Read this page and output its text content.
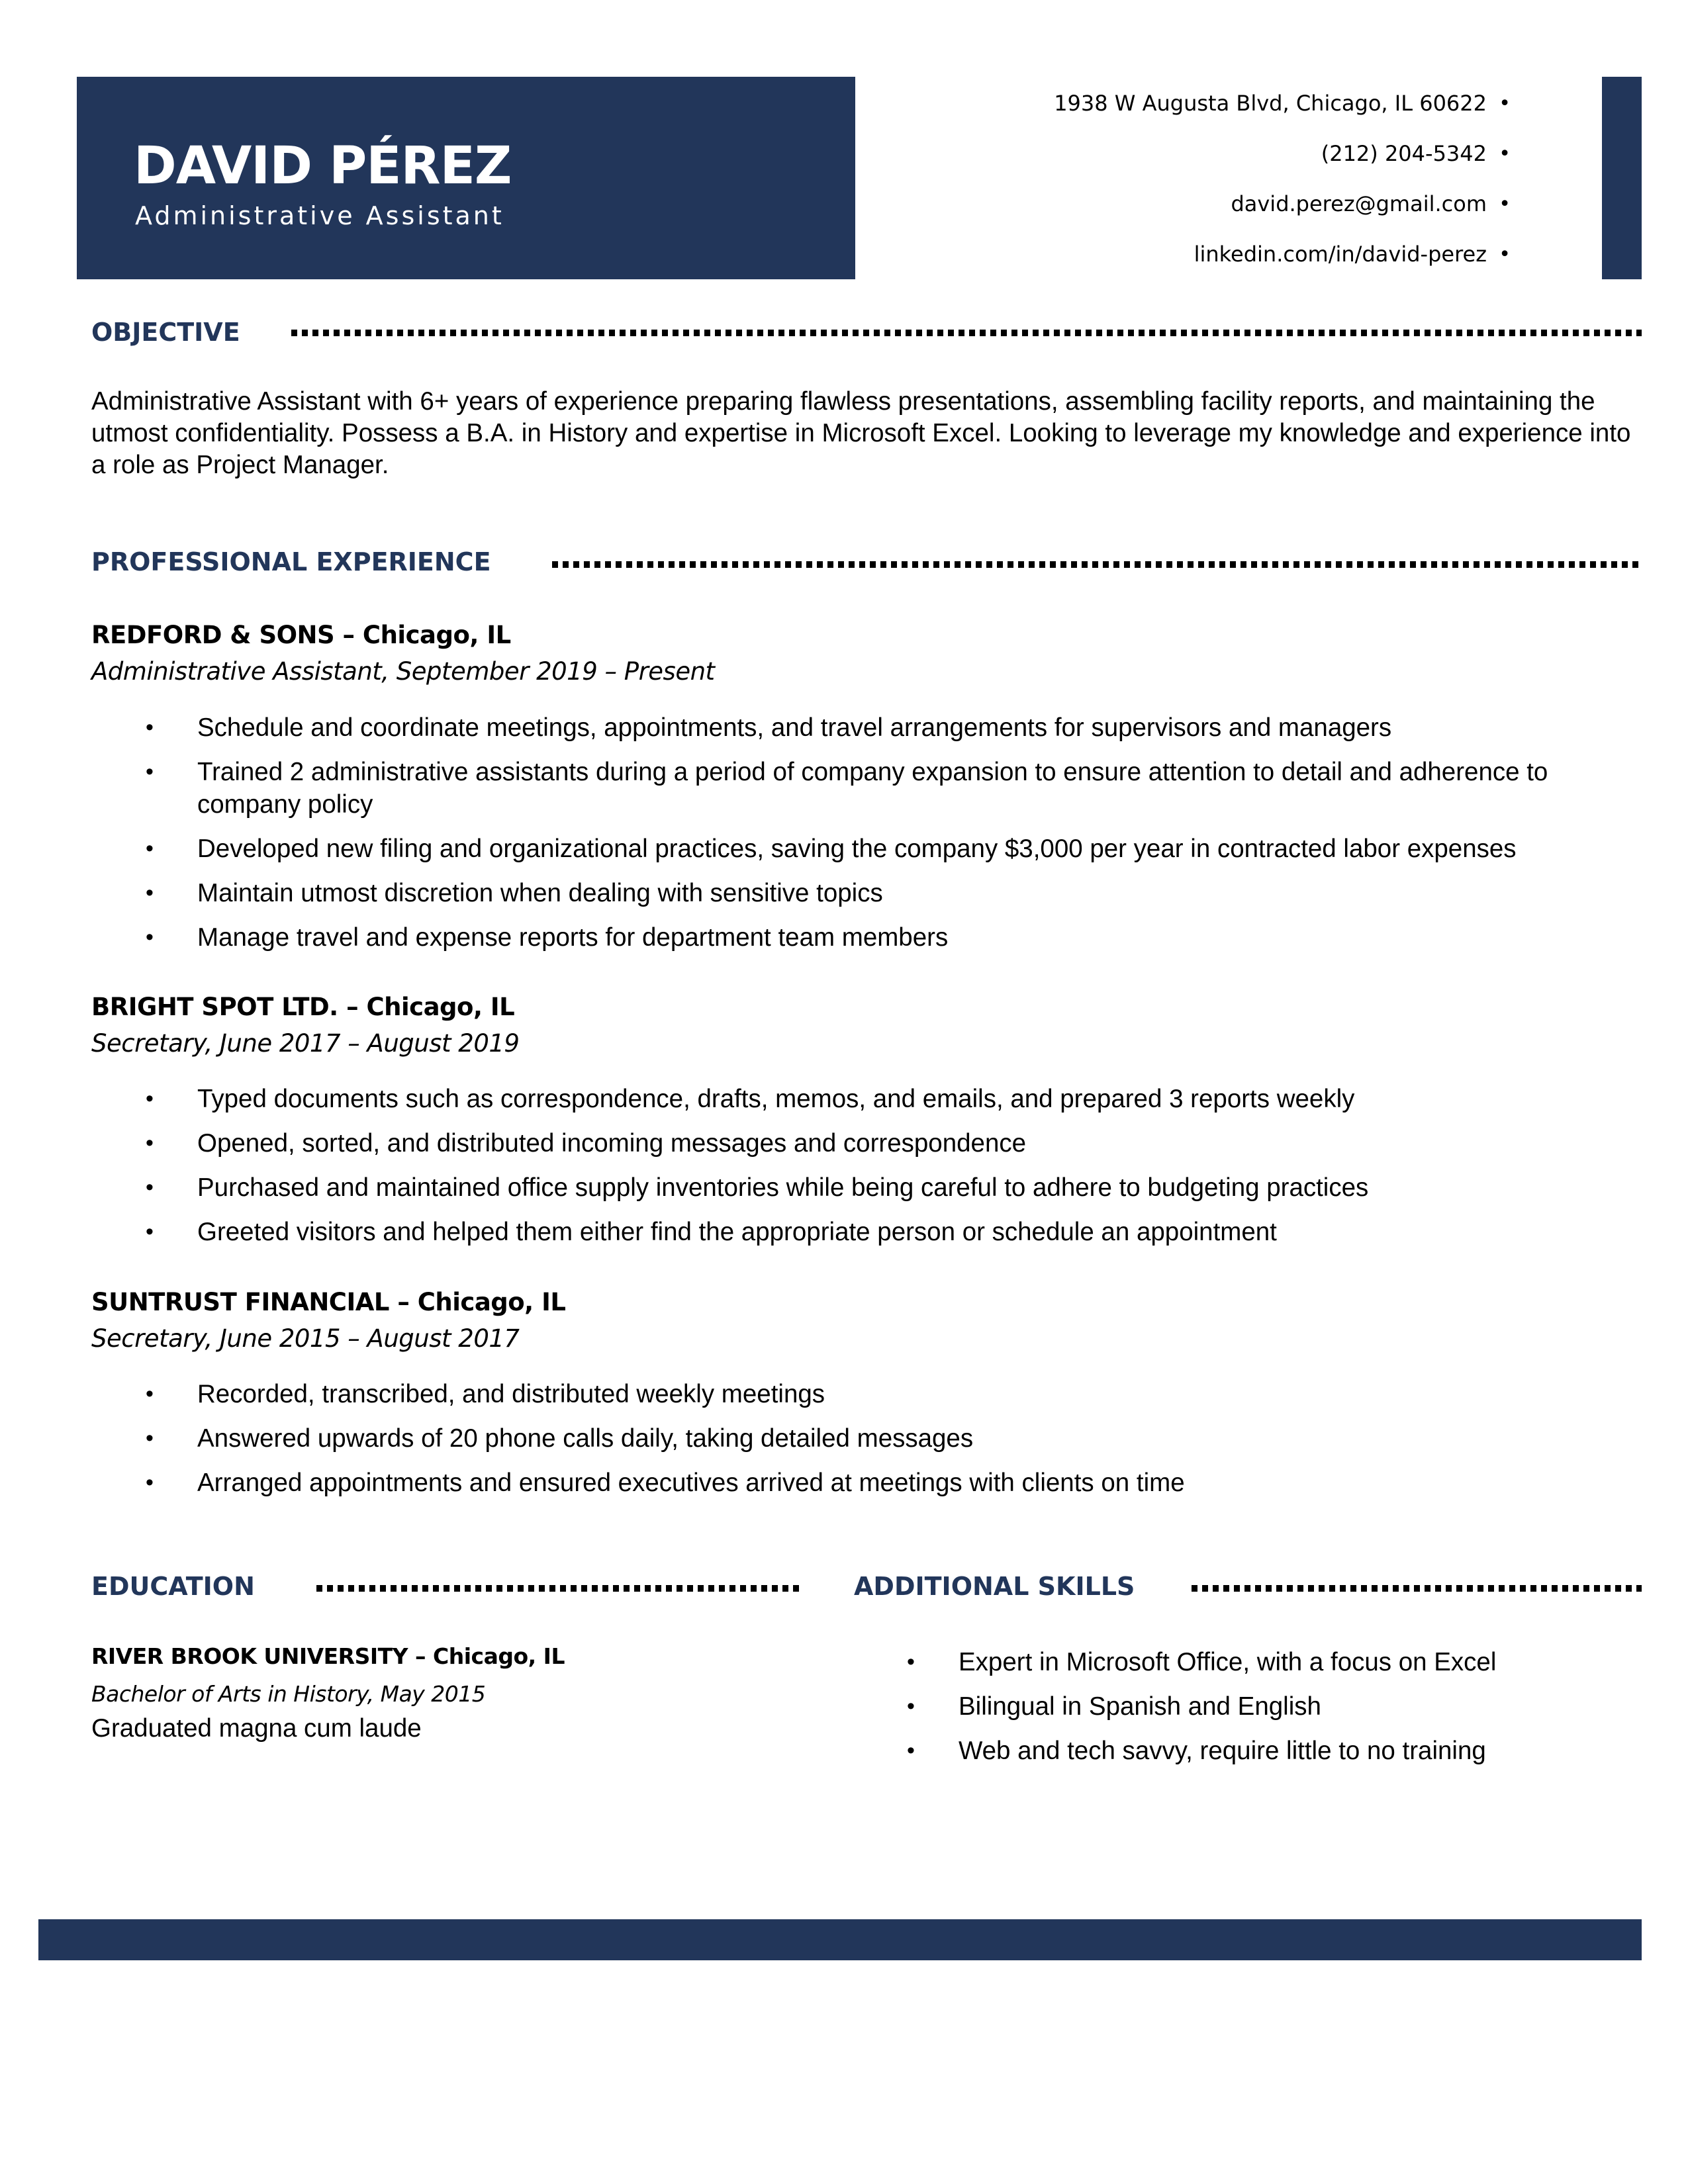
DAVID PÉREZ
Administrative Assistant
1938 W Augusta Blvd, Chicago, IL 60622 •
(212) 204-5342 •
david.perez@gmail.com •
linkedin.com/in/david-perez •
OBJECTIVE
Administrative Assistant with 6+ years of experience preparing flawless presentations, assembling facility reports, and maintaining the utmost confidentiality. Possess a B.A. in History and expertise in Microsoft Excel. Looking to leverage my knowledge and experience into a role as Project Manager.
PROFESSIONAL EXPERIENCE
REDFORD & SONS – Chicago, IL
Administrative Assistant, September 2019 – Present
• Schedule and coordinate meetings, appointments, and travel arrangements for supervisors and managers
• Trained 2 administrative assistants during a period of company expansion to ensure attention to detail and adherence to company policy
• Developed new filing and organizational practices, saving the company $3,000 per year in contracted labor expenses
• Maintain utmost discretion when dealing with sensitive topics
• Manage travel and expense reports for department team members
BRIGHT SPOT LTD. – Chicago, IL
Secretary, June 2017 – August 2019
• Typed documents such as correspondence, drafts, memos, and emails, and prepared 3 reports weekly
• Opened, sorted, and distributed incoming messages and correspondence
• Purchased and maintained office supply inventories while being careful to adhere to budgeting practices
• Greeted visitors and helped them either find the appropriate person or schedule an appointment
SUNTRUST FINANCIAL – Chicago, IL
Secretary, June 2015 – August 2017
• Recorded, transcribed, and distributed weekly meetings
• Answered upwards of 20 phone calls daily, taking detailed messages
• Arranged appointments and ensured executives arrived at meetings with clients on time
EDUCATION
RIVER BROOK UNIVERSITY – Chicago, IL
Bachelor of Arts in History, May 2015
Graduated magna cum laude
ADDITIONAL SKILLS
• Expert in Microsoft Office, with a focus on Excel
• Bilingual in Spanish and English
• Web and tech savvy, require little to no training
